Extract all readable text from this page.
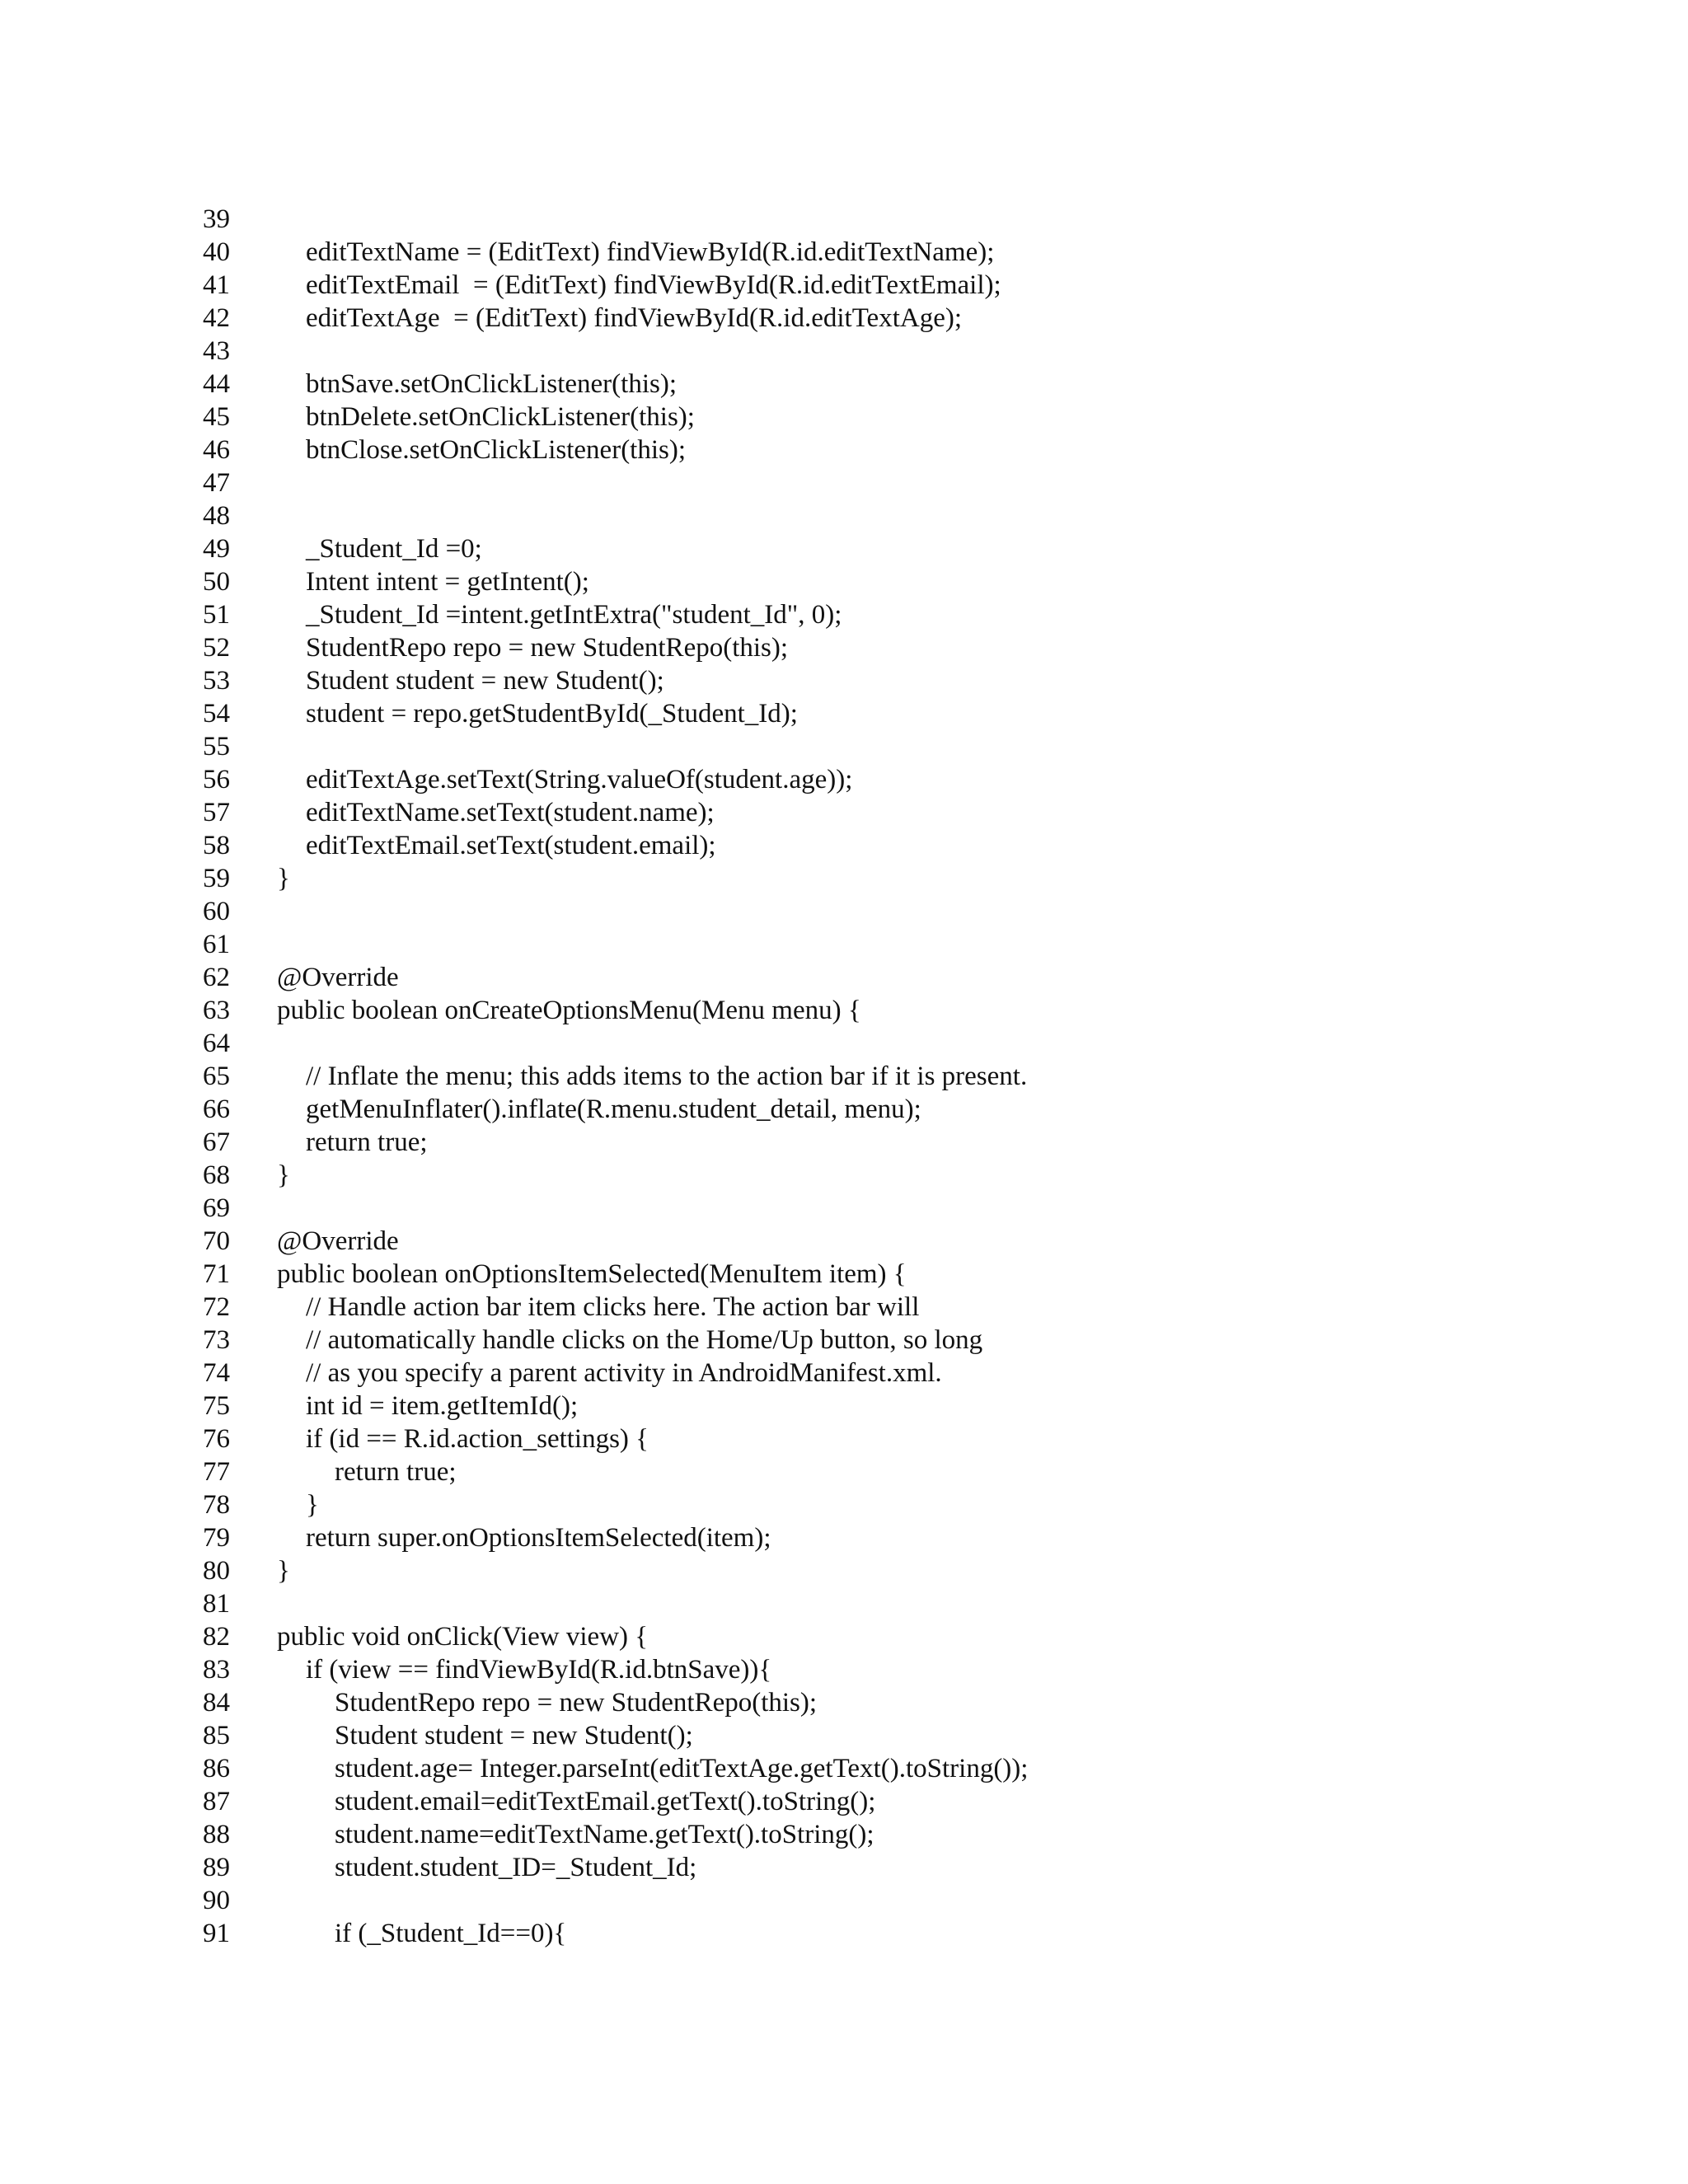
39
40	editTextName = (EditText) findViewById(R.id.editTextName);
41	editTextEmail  = (EditText) findViewById(R.id.editTextEmail);
42	editTextAge  = (EditText) findViewById(R.id.editTextAge);
43
44	btnSave.setOnClickListener(this);
45	btnDelete.setOnClickListener(this);
46	btnClose.setOnClickListener(this);
47
48
49	_Student_Id =0;
50	Intent intent = getIntent();
51	_Student_Id =intent.getIntExtra("student_Id", 0);
52	StudentRepo repo = new StudentRepo(this);
53	Student student = new Student();
54	student = repo.getStudentById(_Student_Id);
55
56	editTextAge.setText(String.valueOf(student.age));
57	editTextName.setText(student.name);
58	editTextEmail.setText(student.email);
59	}
60
61
62	@Override
63	public boolean onCreateOptionsMenu(Menu menu) {
64
65	// Inflate the menu; this adds items to the action bar if it is present.
66	getMenuInflater().inflate(R.menu.student_detail, menu);
67	return true;
68	}
69
70	@Override
71	public boolean onOptionsItemSelected(MenuItem item) {
72	// Handle action bar item clicks here. The action bar will
73	// automatically handle clicks on the Home/Up button, so long
74	// as you specify a parent activity in AndroidManifest.xml.
75	int id = item.getItemId();
76	if (id == R.id.action_settings) {
77	return true;
78	}
79	return super.onOptionsItemSelected(item);
80	}
81
82	public void onClick(View view) {
83	if (view == findViewById(R.id.btnSave)){
84	StudentRepo repo = new StudentRepo(this);
85	Student student = new Student();
86	student.age= Integer.parseInt(editTextAge.getText().toString());
87	student.email=editTextEmail.getText().toString();
88	student.name=editTextName.getText().toString();
89	student.student_ID=_Student_Id;
90
91	if (_Student_Id==0){
